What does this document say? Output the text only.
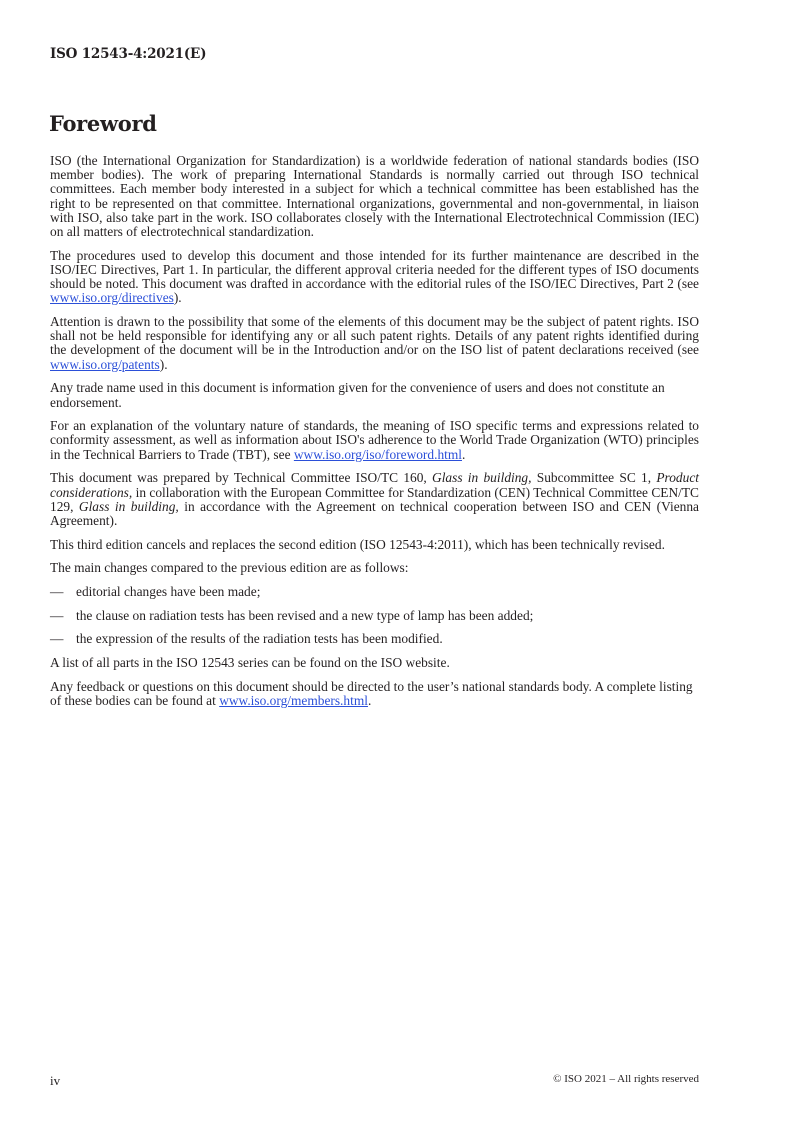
ISO 12543-4:2021(E)
Foreword

ISO (the International Organization for Standardization) is a worldwide federation of national standards bodies (ISO member bodies). The work of preparing International Standards is normally carried out through ISO technical committees. Each member body interested in a subject for which a technical committee has been established has the right to be represented on that committee. International organizations, governmental and non-governmental, in liaison with ISO, also take part in the work. ISO collaborates closely with the International Electrotechnical Commission (IEC) on all matters of electrotechnical standardization.

The procedures used to develop this document and those intended for its further maintenance are described in the ISO/IEC Directives, Part 1. In particular, the different approval criteria needed for the different types of ISO documents should be noted. This document was drafted in accordance with the editorial rules of the ISO/IEC Directives, Part 2 (see www.iso.org/directives).

Attention is drawn to the possibility that some of the elements of this document may be the subject of patent rights. ISO shall not be held responsible for identifying any or all such patent rights. Details of any patent rights identified during the development of the document will be in the Introduction and/or on the ISO list of patent declarations received (see www.iso.org/patents).

Any trade name used in this document is information given for the convenience of users and does not constitute an endorsement.

For an explanation of the voluntary nature of standards, the meaning of ISO specific terms and expressions related to conformity assessment, as well as information about ISO's adherence to the World Trade Organization (WTO) principles in the Technical Barriers to Trade (TBT), see www.iso.org/iso/foreword.html.

This document was prepared by Technical Committee ISO/TC 160, Glass in building, Subcommittee SC 1, Product considerations, in collaboration with the European Committee for Standardization (CEN) Technical Committee CEN/TC 129, Glass in building, in accordance with the Agreement on technical cooperation between ISO and CEN (Vienna Agreement).

This third edition cancels and replaces the second edition (ISO 12543-4:2011), which has been technically revised.

The main changes compared to the previous edition are as follows:

— editorial changes have been made;
— the clause on radiation tests has been revised and a new type of lamp has been added;
— the expression of the results of the radiation tests has been modified.

A list of all parts in the ISO 12543 series can be found on the ISO website.

Any feedback or questions on this document should be directed to the user’s national standards body. A complete listing of these bodies can be found at www.iso.org/members.html.

iv	© ISO 2021 – All rights reserved
